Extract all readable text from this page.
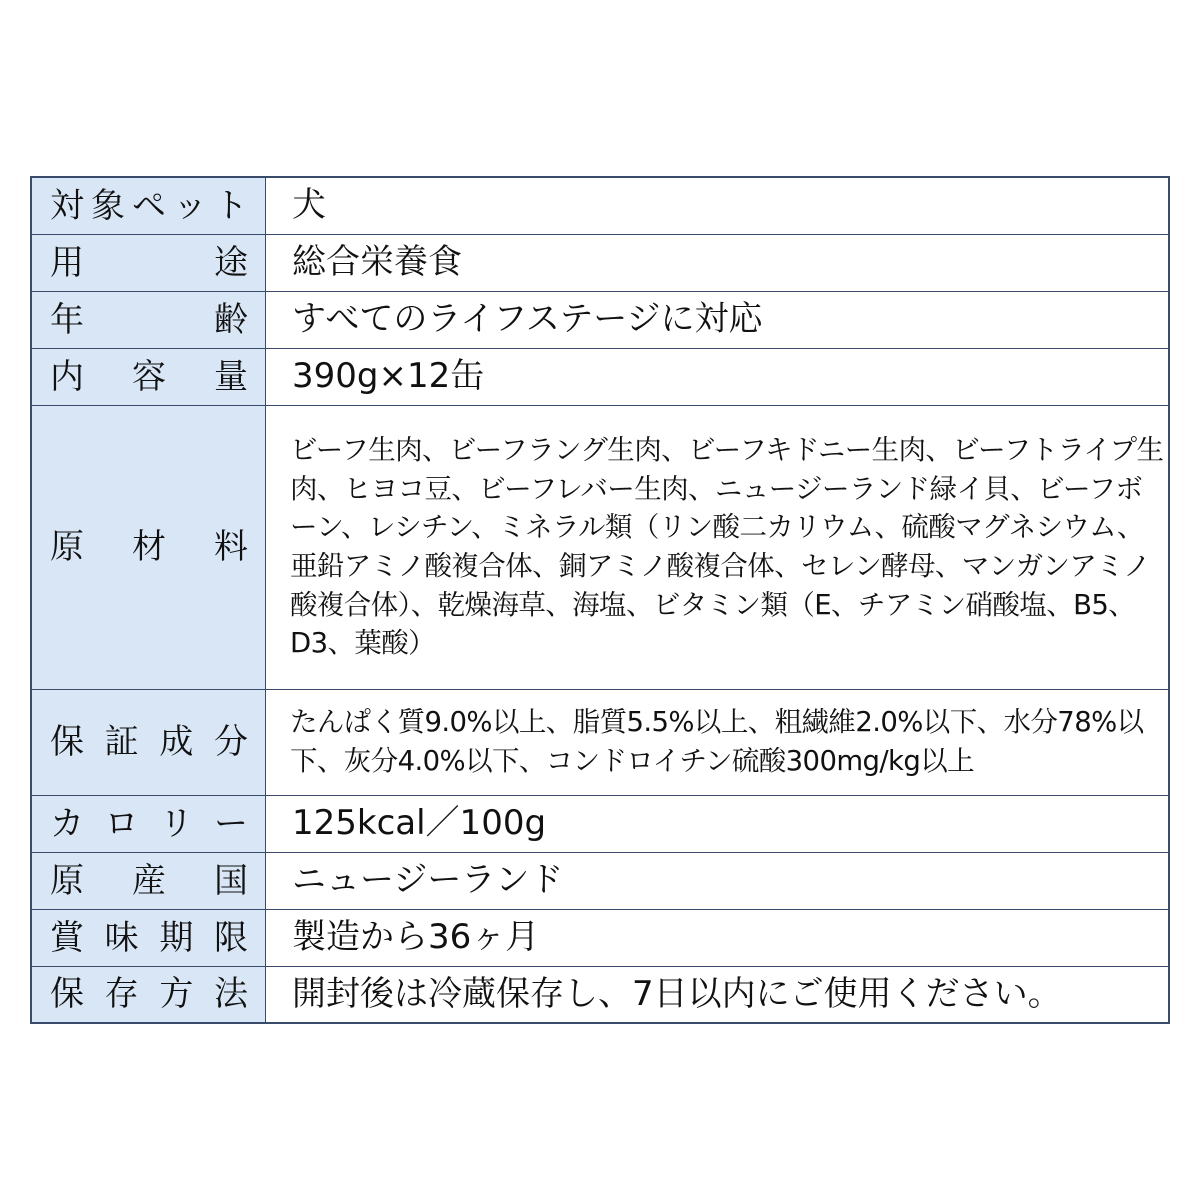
対象ペット	犬

用途	総合栄養食

年齢	すべてのライフステージに対応

内容量	390g×12缶

原材料	ビーフ生肉、ビーフラング生肉、ビーフキドニー生肉、ビーフトライプ生肉、ヒヨコ豆、ビーフレバー生肉、ニュージーランド緑イ貝、ビーフボーン、レシチン、ミネラル類（リン酸二カリウム、硫酸マグネシウム、亜鉛アミノ酸複合体、銅アミノ酸複合体、セレン酵母、マンガンアミノ酸複合体）、乾燥海草、海塩、ビタミン類（E、チアミン硝酸塩、B5、D3、葉酸）

保証成分	たんぱく質9.0%以上、脂質5.5%以上、粗繊維2.0%以下、水分78%以下、灰分4.0%以下、コンドロイチン硫酸300mg/kg以上

カロリー	125kcal／100g

原産国	ニュージーランド

賞味期限	製造から36ヶ月

保存方法	開封後は冷蔵保存し、7日以内にご使用ください。
